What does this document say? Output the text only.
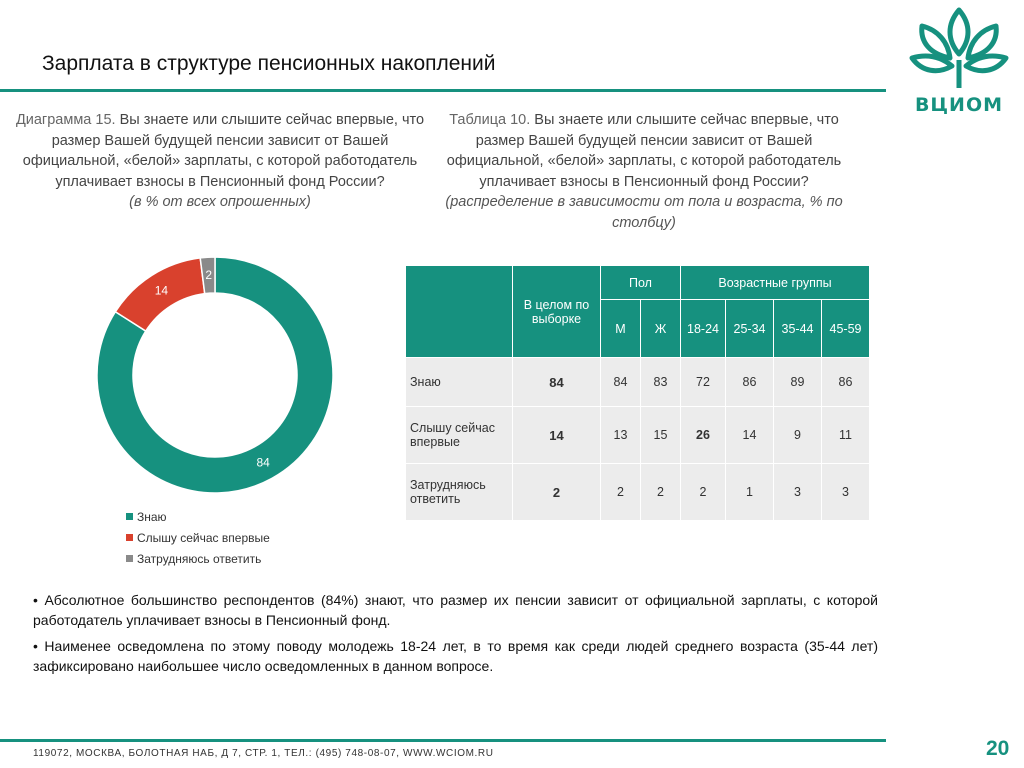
Зарплата в структуре пенсионных накоплений
ВЦИОМ
Диаграмма 15. Вы знаете или слышите сейчас впервые, что размер Вашей будущей пенсии зависит от Вашей официальной, «белой» зарплаты, с которой работодатель уплачивает взносы в Пенсионный фонд России?
(в % от всех опрошенных)
Таблица 10. Вы знаете или слышите сейчас впервые, что размер Вашей будущей пенсии зависит от Вашей официальной, «белой» зарплаты, с которой работодатель уплачивает взносы в Пенсионный фонд России?
(распределение в зависимости от пола и возраста, % по столбцу)
84
14
2
Знаю
Слышу сейчас впервые
Затрудняюсь ответить
	В целом по выборке	Пол		Возрастные группы			
		М	Ж	18-24	25-34	35-44	45-59
Знаю	84	84	83	72	86	89	86
Слышу сейчас впервые	14	13	15	26	14	9	11
Затрудняюсь ответить	2	2	2	2	1	3	3

• Абсолютное большинство респондентов (84%) знают, что размер их пенсии зависит от официальной зарплаты, с которой работодатель уплачивает взносы в Пенсионный фонд.

• Наименее осведомлена по этому поводу молодежь 18-24 лет, в то время как среди людей среднего возраста (35-44 лет) зафиксировано наибольшее число осведомленных в данном вопросе.

119072, МОСКВА, БОЛОТНАЯ НАБ, Д 7, СТР. 1, ТЕЛ.: (495) 748-08-07, WWW.WCIOM.RU	20
